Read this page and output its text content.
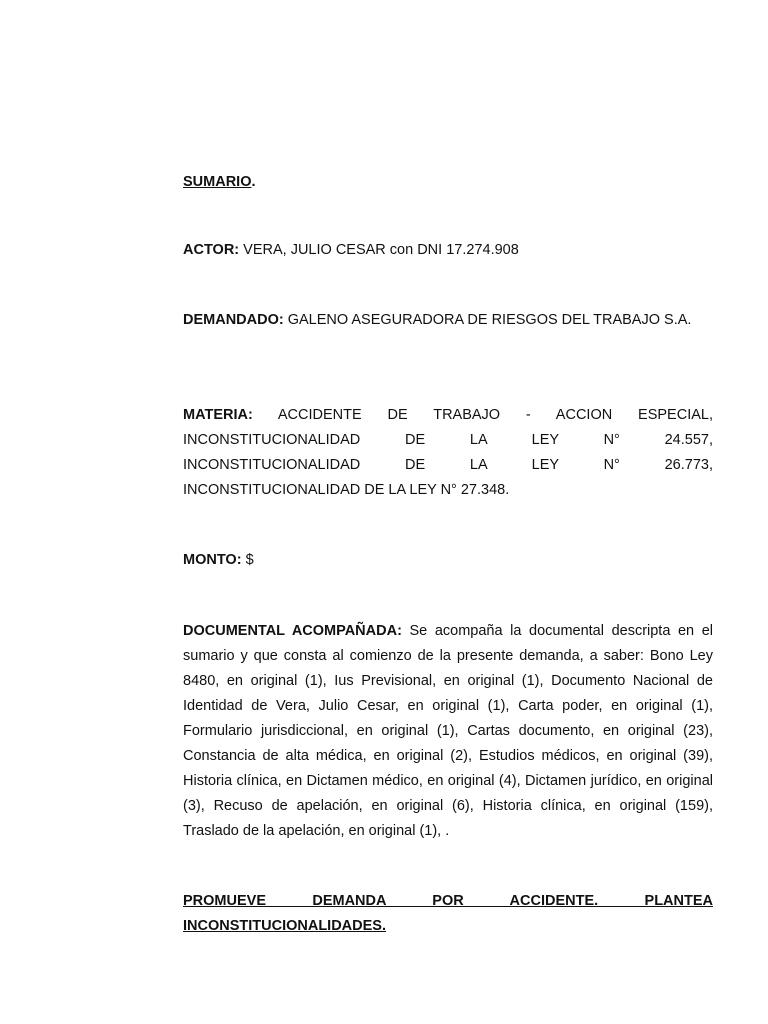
SUMARIO.

ACTOR: VERA, JULIO CESAR con DNI 17.274.908

DEMANDADO: GALENO ASEGURADORA DE RIESGOS DEL TRABAJO S.A.

MATERIA: ACCIDENTE DE TRABAJO - ACCION ESPECIAL,
INCONSTITUCIONALIDAD DE LA LEY N° 24.557,
INCONSTITUCIONALIDAD DE LA LEY N° 26.773,
INCONSTITUCIONALIDAD DE LA LEY N° 27.348.

MONTO: $

DOCUMENTAL ACOMPAÑADA: Se acompaña la documental descripta en el sumario y que consta al comienzo de la presente demanda, a saber: Bono Ley 8480, en original (1), Ius Previsional, en original (1), Documento Nacional de Identidad de Vera, Julio Cesar, en original (1), Carta poder, en original (1), Formulario jurisdiccional, en original (1), Cartas documento, en original (23), Constancia de alta médica, en original (2), Estudios médicos, en original (39), Historia clínica, en Dictamen médico, en original (4), Dictamen jurídico, en original (3), Recuso de apelación, en original (6), Historia clínica, en original (159), Traslado de la apelación, en original (1), .

PROMUEVE DEMANDA POR ACCIDENTE. PLANTEA
INCONSTITUCIONALIDADES.
